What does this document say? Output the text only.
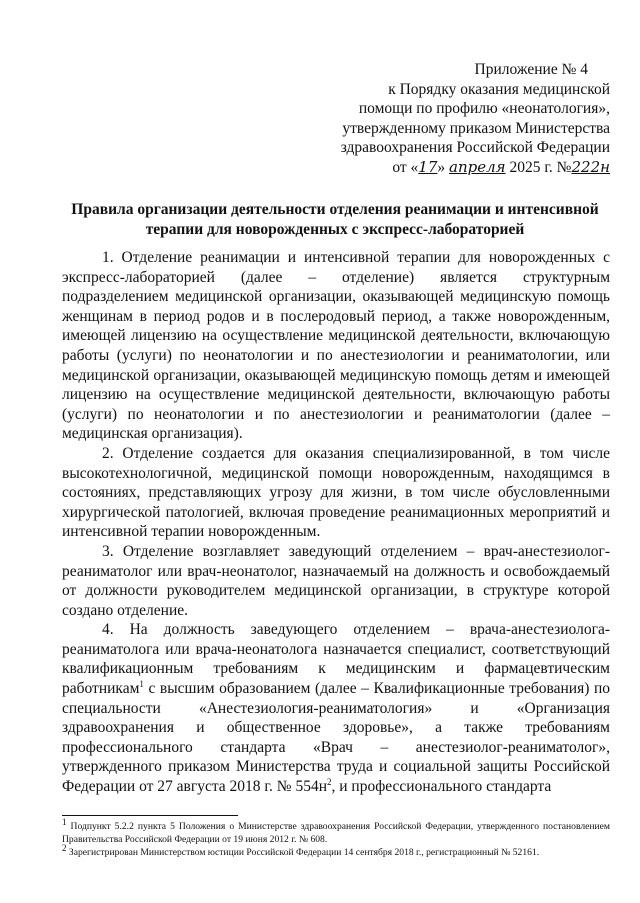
Приложение № 4
к Порядку оказания медицинской
помощи по профилю «неонатология»,
утвержденному приказом Министерства
здравоохранения Российской Федерации
от «17» апреля 2025 г. №222н
Правила организации деятельности отделения реанимации и интенсивной
терапии для новорожденных с экспресс-лабораторией

1. Отделение реанимации и интенсивной терапии для новорожденных с экспресс-лабораторией (далее – отделение) является структурным подразделением медицинской организации, оказывающей медицинскую помощь женщинам в период родов и в послеродовый период, а также новорожденным, имеющей лицензию на осуществление медицинской деятельности, включающую работы (услуги) по неонатологии и по анестезиологии и реаниматологии, или медицинской организации, оказывающей медицинскую помощь детям и имеющей лицензию на осуществление медицинской деятельности, включающую работы (услуги) по неонатологии и по анестезиологии и реаниматологии (далее – медицинская организация).

2. Отделение создается для оказания специализированной, в том числе высокотехнологичной, медицинской помощи новорожденным, находящимся в состояниях, представляющих угрозу для жизни, в том числе обусловленными хирургической патологией, включая проведение реанимационных мероприятий и интенсивной терапии новорожденным.

3. Отделение возглавляет заведующий отделением – врач-анестезиолог-реаниматолог или врач-неонатолог, назначаемый на должность и освобождаемый от должности руководителем медицинской организации, в структуре которой создано отделение.

4. На должность заведующего отделением – врача-анестезиолога-реаниматолога или врача-неонатолога назначается специалист, соответствующий квалификационным требованиям к медицинским и фармацевтическим работникам$^1$ с высшим образованием (далее – Квалификационные требования) по специальности «Анестезиология-реаниматология» и «Организация здравоохранения и общественное здоровье», а также требованиям профессионального стандарта «Врач – анестезиолог-реаниматолог», утвержденного приказом Министерства труда и социальной защиты Российской Федерации от 27 августа 2018 г. № $554н^2$, и профессионального стандарта

$^1$ Подпункт 5.2.2 пункта 5 Положения о Министерстве здравоохранения Российской Федерации, утвержденного постановлением Правительства Российской Федерации от 19 июня 2012 г. № 608.

$^2$ Зарегистрирован Министерством юстиции Российской Федерации 14 сентября 2018 г., регистрационный № 52161.
